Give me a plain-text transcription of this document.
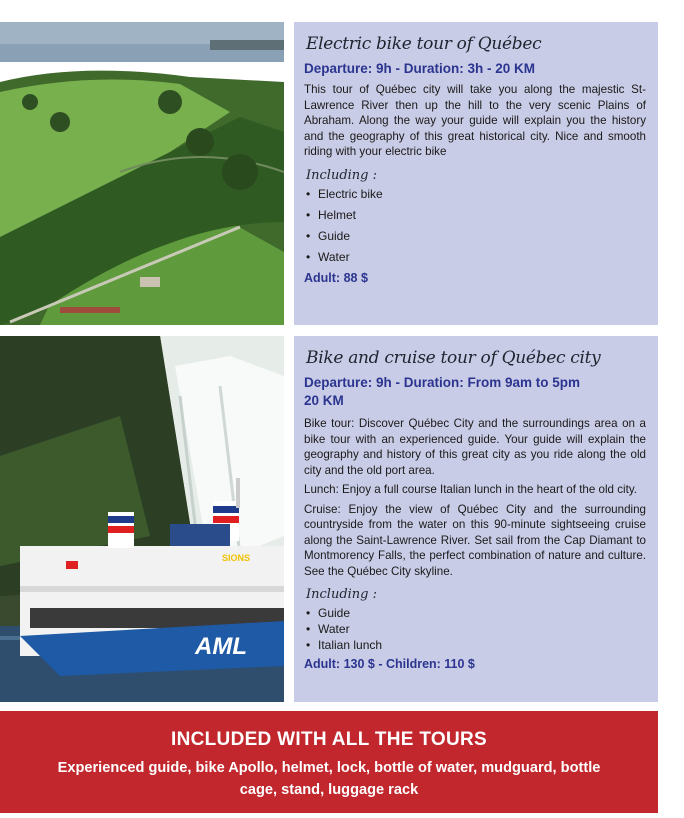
Electric bike tour of Québec
Departure: 9h - Duration: 3h - 20 KM

This tour of Québec city will take you along the majestic St-Lawrence River then up the hill to the very scenic Plains of Abraham. Along the way your guide will explain you the history and the geography of this great historical city. Nice and smooth riding with your electric bike

Including :
• Electric bike
• Helmet
• Guide
• Water
Adult: 88 $
AML
SIONS
Bike and cruise tour of Québec city
Departure: 9h - Duration: From 9am to 5pm
20 KM

Bike tour: Discover Québec City and the surroundings area on a bike tour with an experienced guide. Your guide will explain the geography and history of this great city as you ride along the old city and the old port area.

Lunch: Enjoy a full course Italian lunch in the heart of the old city.

Cruise: Enjoy the view of Québec City and the surrounding countryside from the water on this 90-minute sightseeing cruise along the Saint-Lawrence River. Set sail from the Cap Diamant to Montmorency Falls, the perfect combination of nature and culture. See the Québec City skyline.

Including :
• Guide
• Water
• Italian lunch
Adult: 130 $ - Children: 110 $
INCLUDED WITH ALL THE TOURS
Experienced guide, bike Apollo, helmet, lock, bottle of water, mudguard, bottle cage, stand, luggage rack
